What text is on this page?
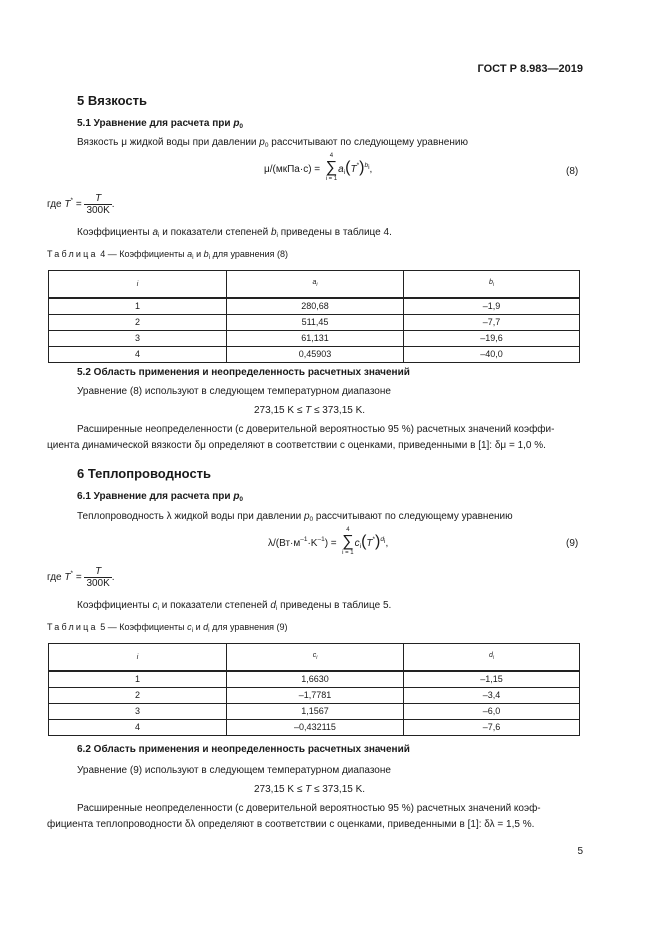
ГОСТ Р 8.983—2019
5 Вязкость
5.1 Уравнение для расчета при $p_0$
Вязкость μ жидкой воды при давлении $p_0$ рассчитывают по следующему уравнению
μ/(мкПа·с) =
4
∑
i = 1
$a_i(T^*)^{b_i}$,	(8)
где $T^* = \frac{T}{300K}$ .
Коэффициенты $a_i$ и показатели степеней $b_i$ приведены в таблице 4.
Таблица 4 — Коэффициенты $a_i$ и $b_i$ для уравнения (8)
i	$a_i$	$b_i$
1	280,68	–1,9
2	511,45	–7,7
3	61,131	–19,6
4	0,45903	–40,0
5.2 Область применения и неопределенность расчетных значений
Уравнение (8) используют в следующем температурном диапазоне
273,15 K ≤ T ≤ 373,15 K.
Расширенные неопределенности (с доверительной вероятностью 95 %) расчетных значений коэффи-
циента динамической вязкости δμ определяют в соответствии с оценками, приведенными в [1]: δμ = 1,0 %.
6 Теплопроводность
6.1 Уравнение для расчета при $p_0$
Теплопроводность λ жидкой воды при давлении $p_0$ рассчитывают по следующему уравнению
$\lambda/(Вт\cdot м^{-1}\cdot K^{-1})$ =
4
∑
i = 1
$c_i(T^*)^{d_i}$,	(9)
где $T^* = \frac{T}{300K}$ .
Коэффициенты $c_i$ и показатели степеней $d_i$ приведены в таблице 5.
Таблица 5 — Коэффициенты $c_i$ и $d_i$ для уравнения (9)
i	$c_i$	$d_i$
1	1,6630	–1,15
2	–1,7781	–3,4
3	1,1567	–6,0
4	–0,432115	–7,6
6.2 Область применения и неопределенность расчетных значений
Уравнение (9) используют в следующем температурном диапазоне
273,15 K ≤ T ≤ 373,15 K.
Расширенные неопределенности (с доверительной вероятностью 95 %) расчетных значений коэф-
фициента теплопроводности δλ определяют в соответствии с оценками, приведенными в [1]: δλ = 1,5 %.
5
